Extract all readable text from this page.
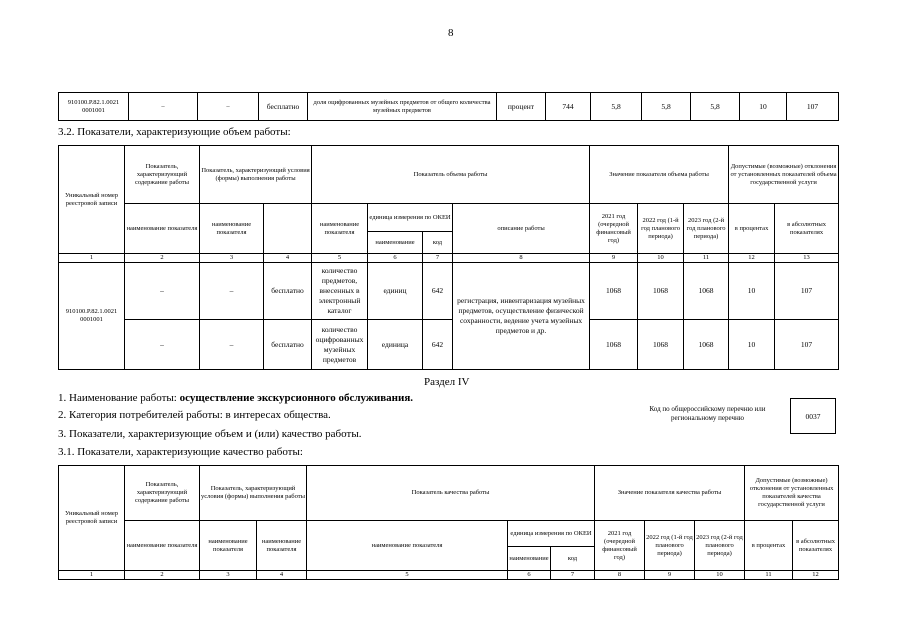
8
910100.Р.82.1.0021 0001001	–	–	бесплатно	доля оцифрованных музейных предметов от общего количества музейных предметов	процент	744	5,8	5,8	5,8	10	107
3.2. Показатели, характеризующие объем работы:
Уникальный номер реестровой записи	Показатель, характеризующий содержание работы	Показатель, характеризующий условия (формы) выполнения работы		Показатель объема работы				Значение показателя объема работы			Допустимые (возможные) отклонения от установленных показателей объема государственной услуги	
	наименование показателя	наименование показателя		наименование показателя	единица измерения по ОКЕИ		описание работы	2021 год (очередной финансовый год)	2022 год (1-й год планового периода)	2023 год (2-й год планового периода)	в процентах	в абсолютных показателях
					наименование	код						
1	2	3	4	5	6	7	8	9	10	11	12	13
910100.Р.82.1.0021 0001001	–	–	бесплатно	количество предметов, внесенных в электронный каталог	единиц	642	регистрация, инвентаризация музейных предметов, осуществление физической сохранности, ведение учета музейных предметов и др.	1068	1068	1068	10	107
	–	–	бесплатно	количество оцифрованных музейных предметов	единица	642		1068	1068	1068	10	107
Раздел IV
1. Наименование работы: осуществление экскурсионного обслуживания.
2. Категория потребителей работы: в интересах общества.
3. Показатели, характеризующие объем и (или) качество работы.
3.1. Показатели, характеризующие качество работы:
Код по общероссийскому перечню или региональному перечню	0037
Уникальный номер реестровой записи	Показатель, характеризующий содержание работы	Показатель, характеризующий условия (формы) выполнения работы		Показатель качества работы			Значение показателя качества работы			Допустимые (возможные) отклонения от установленных показателей качества государственной услуги	
	наименование показателя	наименование показателя	наименование показателя	наименование показателя	единица измерения по ОКЕИ		2021 год (очередной финансовый год)	2022 год (1-й год планового периода)	2023 год (2-й год планового периода)	в процентах	в абсолютных показателях
					наименование	код					
1	2	3	4	5	6	7	8	9	10	11	12
